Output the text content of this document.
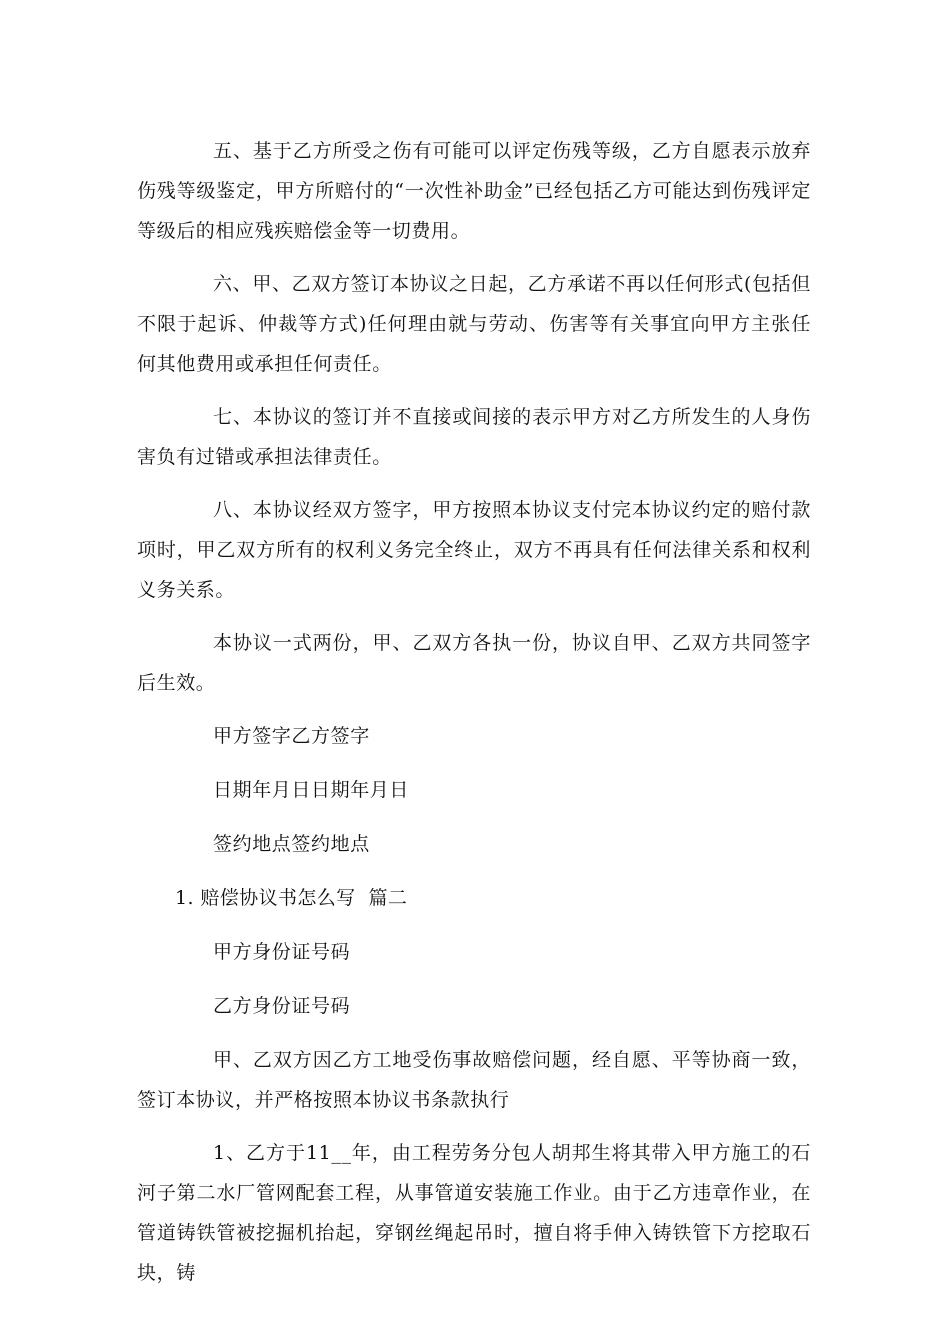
五、基于乙方所受之伤有可能可以评定伤残等级，乙方自愿表示放弃伤残等级鉴定，甲方所赔付的“一次性补助金”已经包括乙方可能达到伤残评定等级后的相应残疾赔偿金等一切费用。

六、甲、乙双方签订本协议之日起，乙方承诺不再以任何形式(包括但不限于起诉、仲裁等方式)任何理由就与劳动、伤害等有关事宜向甲方主张任何其他费用或承担任何责任。

七、本协议的签订并不直接或间接的表示甲方对乙方所发生的人身伤害负有过错或承担法律责任。

八、本协议经双方签字，甲方按照本协议支付完本协议约定的赔付款项时，甲乙双方所有的权利义务完全终止，双方不再具有任何法律关系和权利义务关系。

本协议一式两份，甲、乙双方各执一份，协议自甲、乙双方共同签字后生效。

甲方签字乙方签字

日期年月日日期年月日

签约地点签约地点

1. 赔偿协议书怎么写  篇二

甲方身份证号码

乙方身份证号码

甲、乙双方因乙方工地受伤事故赔偿问题，经自愿、平等协商一致，签订本协议，并严格按照本协议书条款执行

1、乙方于11__年，由工程劳务分包人胡邦生将其带入甲方施工的石河子第二水厂管网配套工程，从事管道安装施工作业。由于乙方违章作业，在管道铸铁管被挖掘机抬起，穿钢丝绳起吊时，擅自将手伸入铸铁管下方挖取石块，铸
